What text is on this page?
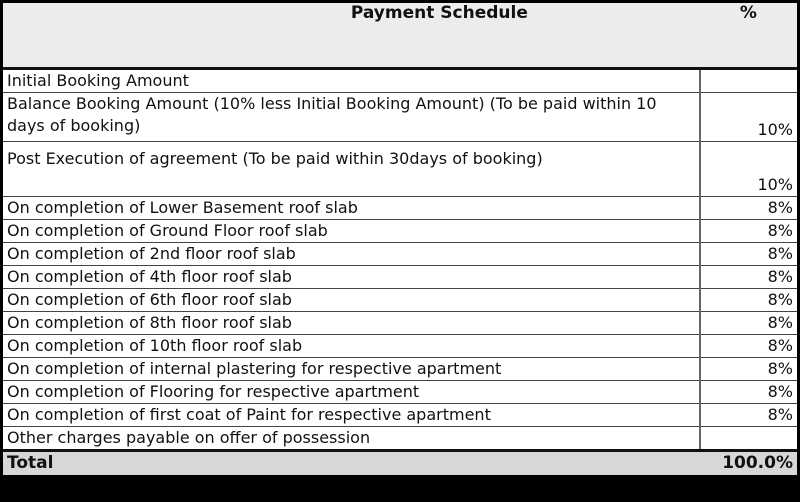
Payment Schedule	%
Initial Booking Amount	
Balance Booking Amount (10% less Initial Booking Amount) (To be paid within 10 days of booking)	10%
Post Execution of agreement (To be paid within 30days of booking)	10%
On completion of Lower Basement roof slab	8%
On completion of Ground Floor roof slab	8%
On completion of 2nd floor roof slab	8%
On completion of 4th floor roof slab	8%
On completion of 6th floor roof slab	8%
On completion of 8th floor roof slab	8%
On completion of 10th floor roof slab	8%
On completion of internal plastering for respective apartment	8%
On completion of Flooring for respective apartment	8%
On completion of first coat of Paint for respective apartment	8%
Other charges payable on offer of possession	
Total	100.0%
